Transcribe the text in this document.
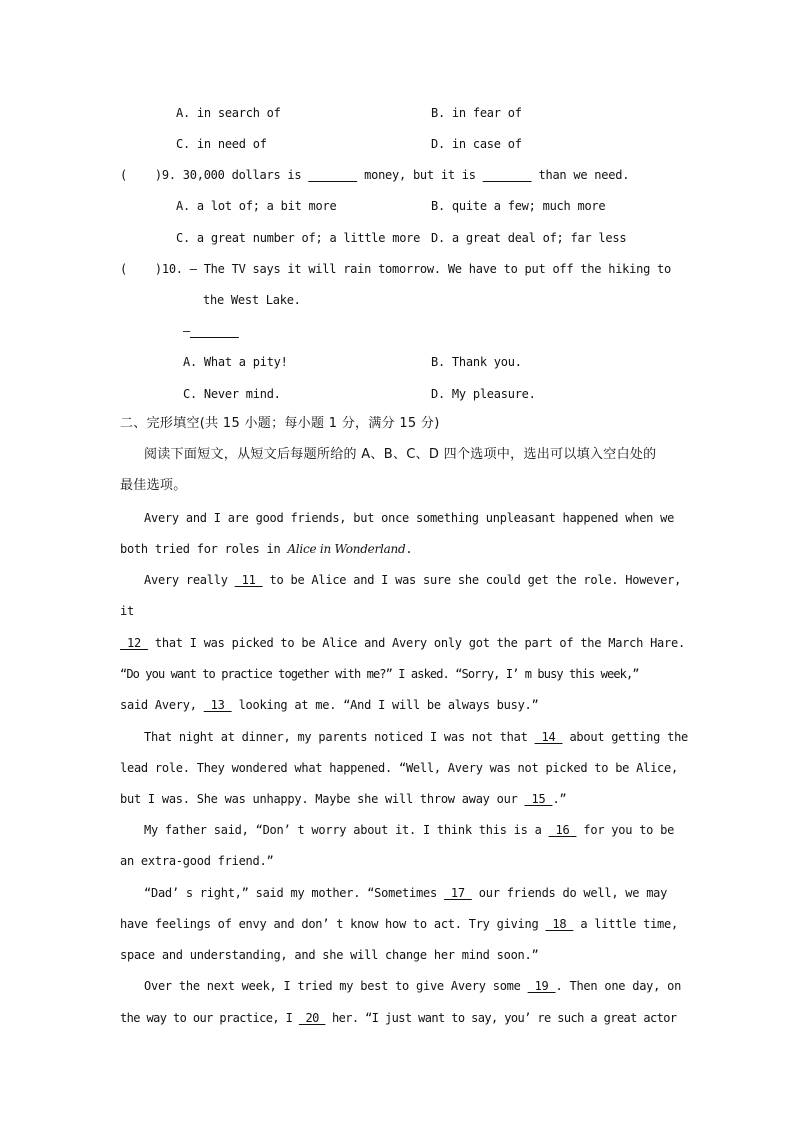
A. in search of	B. in fear of
C. in need of	D. in case of
(    )9. 30,000 dollars is	money, but it is	than we need.
A. a lot of; a bit more	B. quite a few; much more
C. a great number of; a little more D. a great deal of; far less
(    )10. — The TV says it will rain tomorrow. We have to put off the hiking to
the West Lake.
—
A. What a pity!	B. Thank you.
C. Never mind.	D. My pleasure.
二、完形填空(共 15 小题；每小题 1 分，满分 15 分)
阅读下面短文，从短文后每题所给的 A、B、C、D 四个选项中，选出可以填入空白处的
最佳选项。
Avery and I are good friends, but once something unpleasant happened when we
both tried for roles in Alice in Wonderland.
Avery really  11  to be Alice and I was sure she could get the role. However,
it
12  that I was picked to be Alice and Avery only got the part of the March Hare.
“Do you want to practice together with me?” I asked. “Sorry, I’ m busy this week,”
said Avery,  13  looking at me. “And I will be always busy.”
That night at dinner, my parents noticed I was not that  14  about getting the
lead role. They wondered what happened. “Well, Avery was not picked to be Alice,
but I was. She was unhappy. Maybe she will throw away our  15 .”
My father said, “Don’ t worry about it. I think this is a  16  for you to be
an extra-good friend.”
“Dad’ s right,” said my mother. “Sometimes  17  our friends do well, we may
have feelings of envy and don’ t know how to act. Try giving  18  a little time,
space and understanding, and she will change her mind soon.”
Over the next week, I tried my best to give Avery some  19 . Then one day, on
the way to our practice, I  20  her. “I just want to say, you’ re such a great actor
